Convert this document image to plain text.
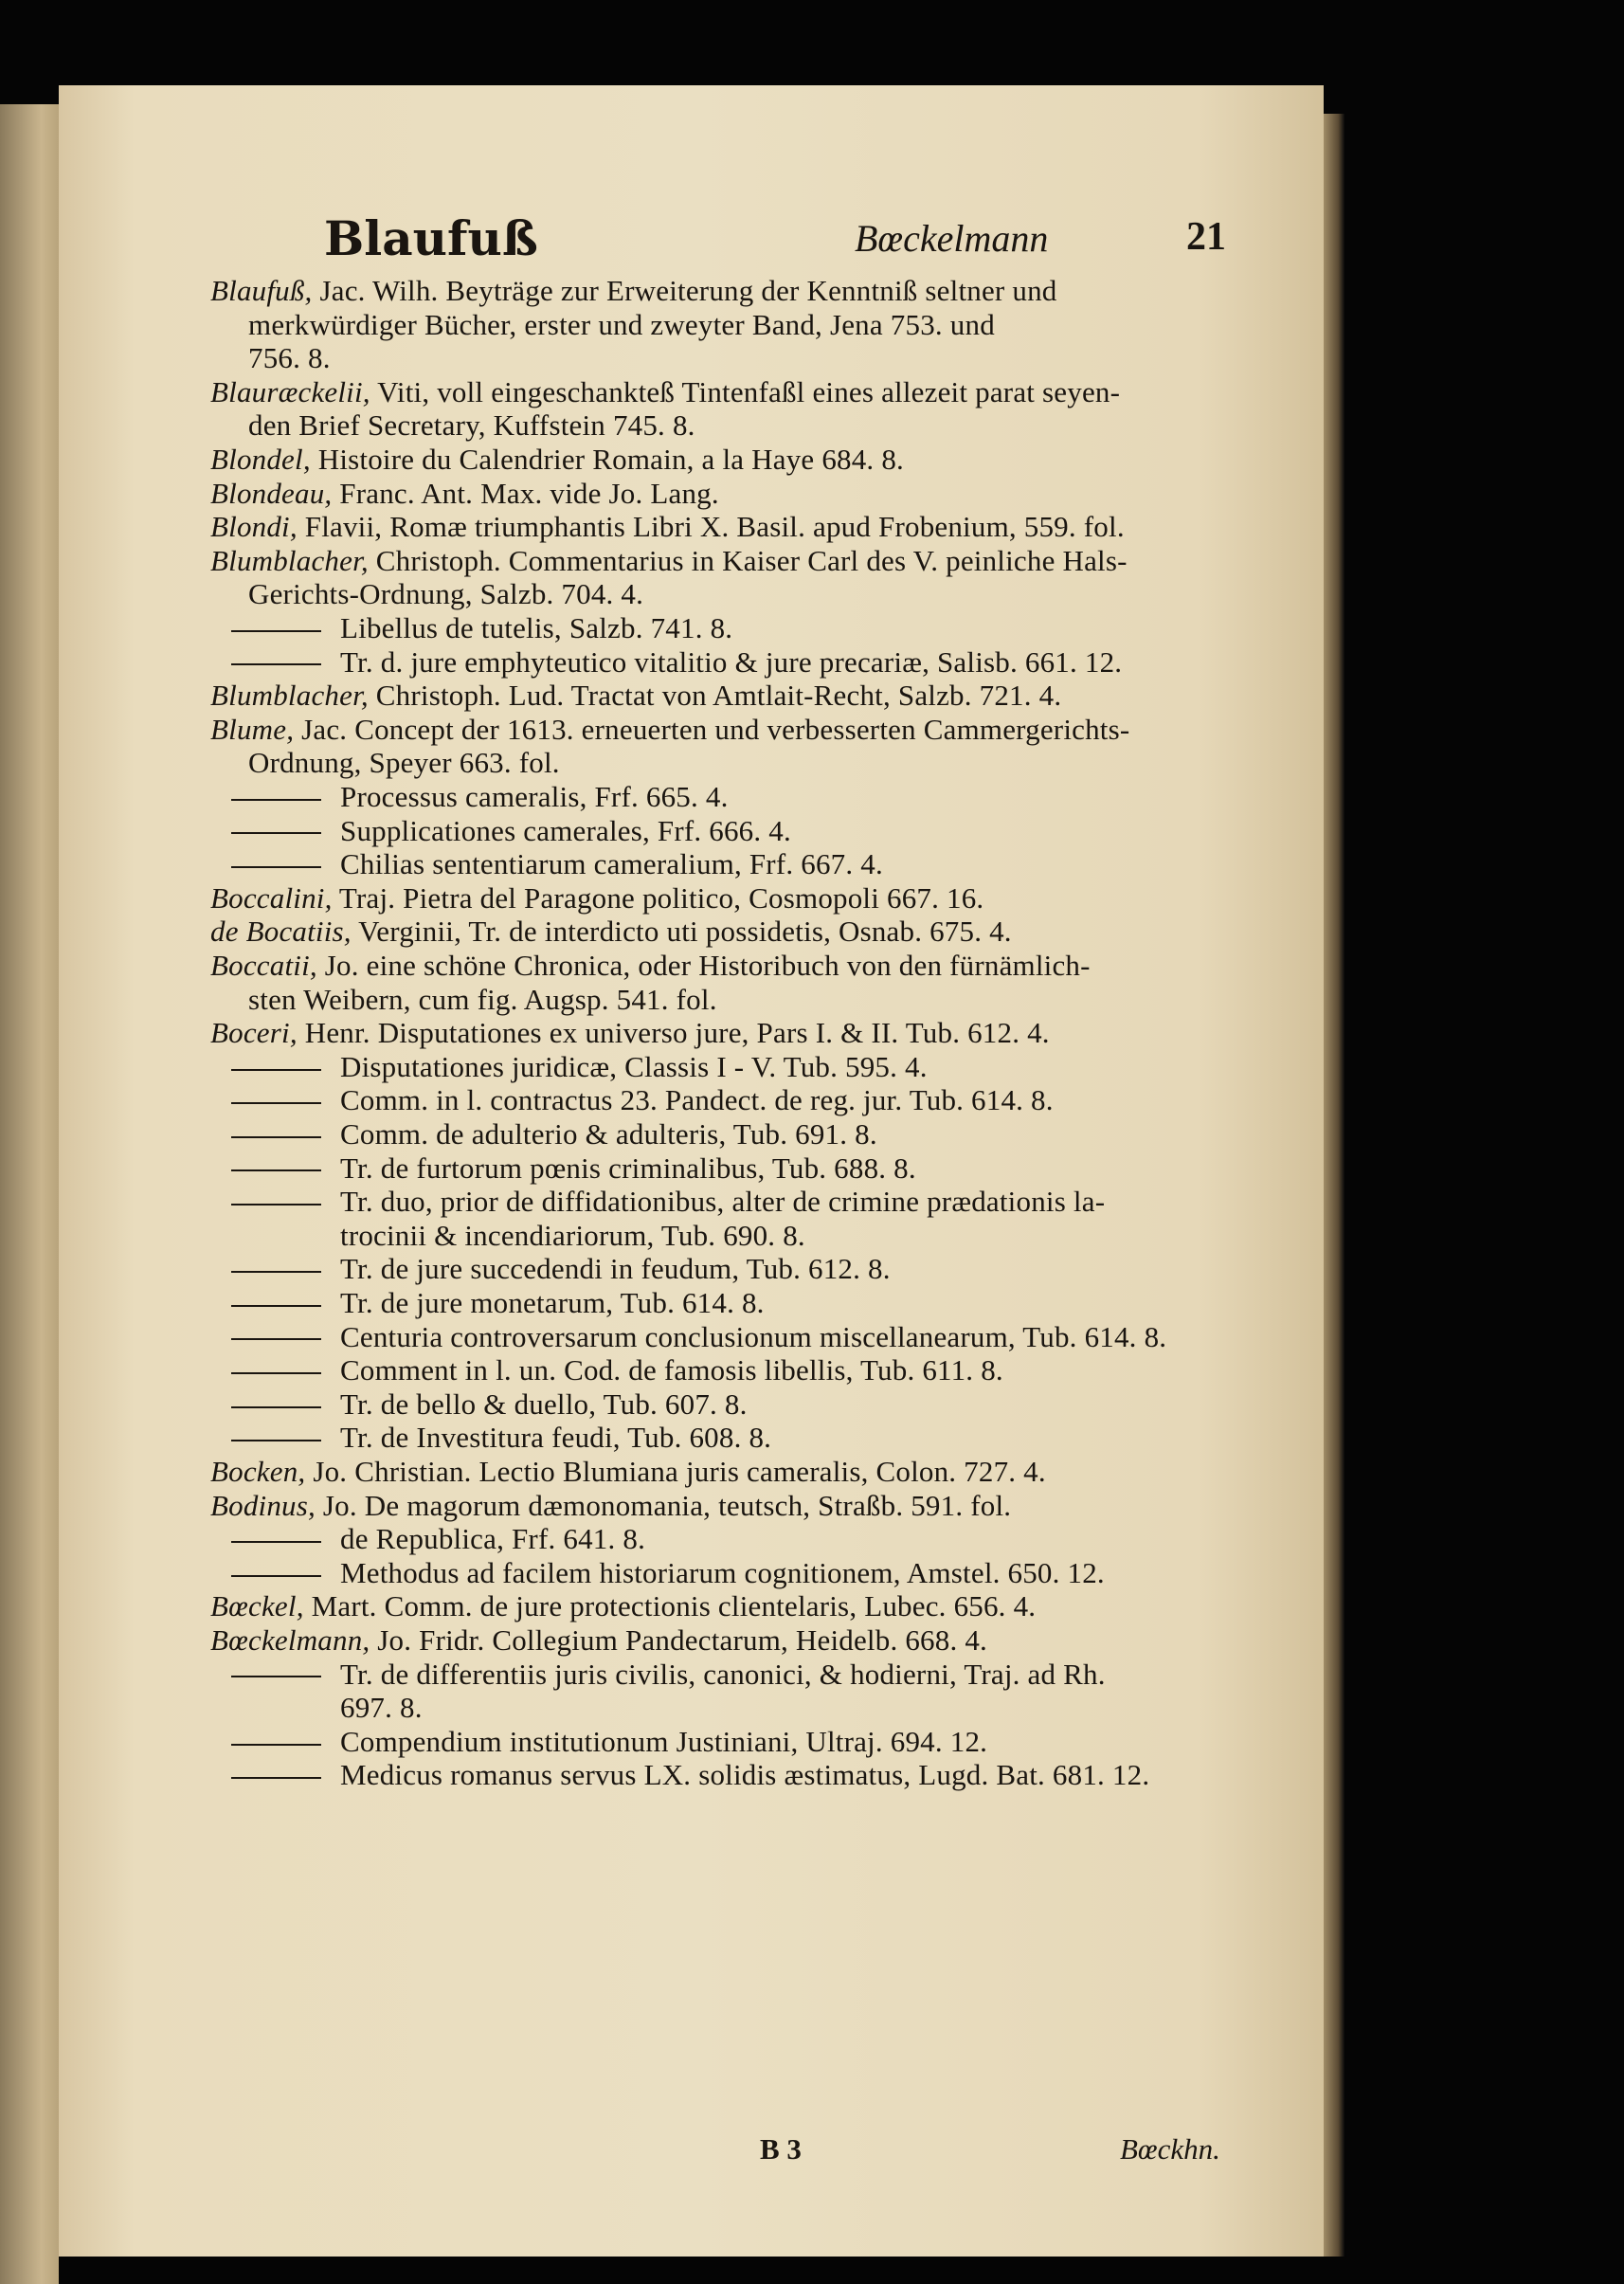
Blaufuß	Bœckelmann	21
Blaufuß, Jac. Wilh. Beyträge zur Erweiterung der Kenntniß seltner und
merkwürdiger Bücher, erster und zweyter Band, Jena 753. und
756. 8.
Blauræckelii, Viti, voll eingeschankteß Tintenfaßl eines allezeit parat seyen-
den Brief Secretary, Kuffstein 745. 8.
Blondel, Histoire du Calendrier Romain, a la Haye 684. 8.
Blondeau, Franc. Ant. Max. vide Jo. Lang.
Blondi, Flavii, Romæ triumphantis Libri X. Basil. apud Frobenium, 559. fol.
Blumblacher, Christoph. Commentarius in Kaiser Carl des V. peinliche Hals-
Gerichts-Ordnung, Salzb. 704. 4.
Libellus de tutelis, Salzb. 741. 8.
Tr. d. jure emphyteutico vitalitio & jure precariæ, Salisb. 661. 12.
Blumblacher, Christoph. Lud. Tractat von Amtlait-Recht, Salzb. 721. 4.
Blume, Jac. Concept der 1613. erneuerten und verbesserten Cammergerichts-
Ordnung, Speyer 663. fol.
Processus cameralis, Frf. 665. 4.
Supplicationes camerales, Frf. 666. 4.
Chilias sententiarum cameralium, Frf. 667. 4.
Boccalini, Traj. Pietra del Paragone politico, Cosmopoli 667. 16.
de Bocatiis, Verginii, Tr. de interdicto uti possidetis, Osnab. 675. 4.
Boccatii, Jo. eine schöne Chronica, oder Historibuch von den fürnämlich-
sten Weibern, cum fig. Augsp. 541. fol.
Boceri, Henr. Disputationes ex universo jure, Pars I. & II. Tub. 612. 4.
Disputationes juridicæ, Classis I - V. Tub. 595. 4.
Comm. in l. contractus 23. Pandect. de reg. jur. Tub. 614. 8.
Comm. de adulterio & adulteris, Tub. 691. 8.
Tr. de furtorum pœnis criminalibus, Tub. 688. 8.
Tr. duo, prior de diffidationibus, alter de crimine prædationis la-
trocinii & incendiariorum, Tub. 690. 8.
Tr. de jure succedendi in feudum, Tub. 612. 8.
Tr. de jure monetarum, Tub. 614. 8.
Centuria controversarum conclusionum miscellanearum, Tub. 614. 8.
Comment in l. un. Cod. de famosis libellis, Tub. 611. 8.
Tr. de bello & duello, Tub. 607. 8.
Tr. de Investitura feudi, Tub. 608. 8.
Bocken, Jo. Christian. Lectio Blumiana juris cameralis, Colon. 727. 4.
Bodinus, Jo. De magorum dæmonomania, teutsch, Straßb. 591. fol.
de Republica, Frf. 641. 8.
Methodus ad facilem historiarum cognitionem, Amstel. 650. 12.
Bœckel, Mart. Comm. de jure protectionis clientelaris, Lubec. 656. 4.
Bœckelmann, Jo. Fridr. Collegium Pandectarum, Heidelb. 668. 4.
Tr. de differentiis juris civilis, canonici, & hodierni, Traj. ad Rh.
697. 8.
Compendium institutionum Justiniani, Ultraj. 694. 12.
Medicus romanus servus LX. solidis æstimatus, Lugd. Bat. 681. 12.
B 3	Bœckhn.
